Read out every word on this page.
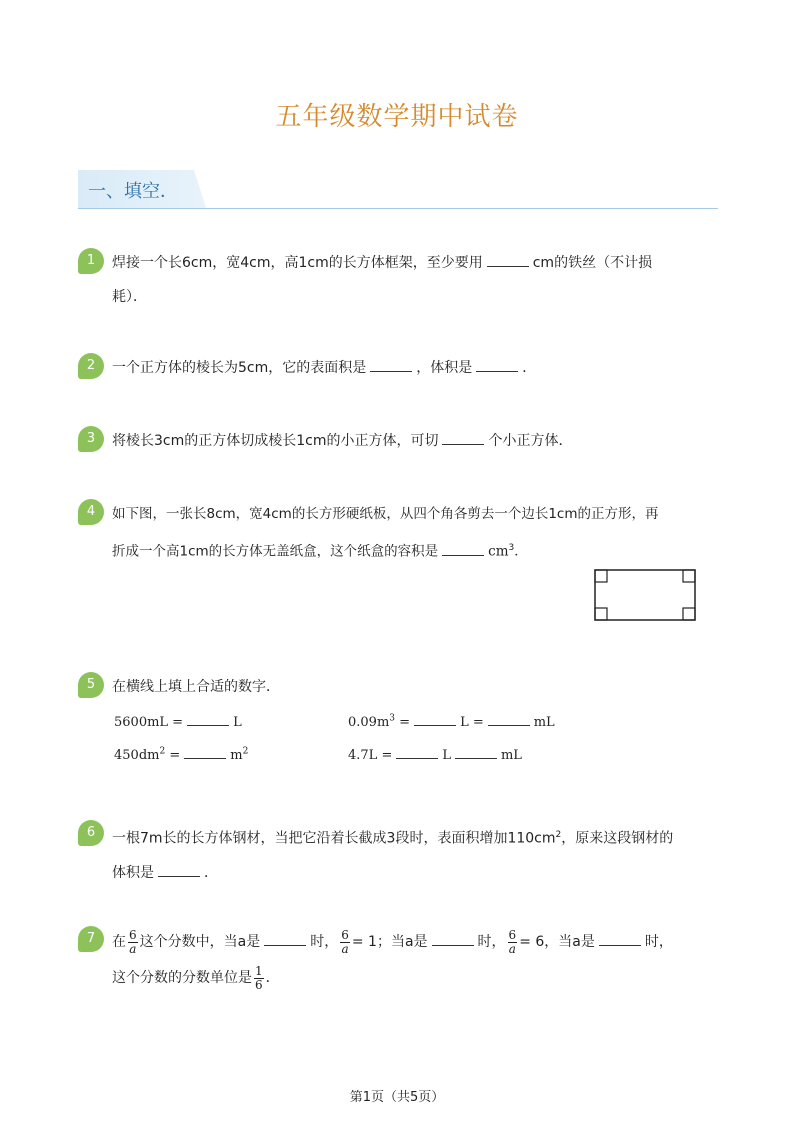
五年级数学期中试卷
一、填空．
1	焊接一个长6cm，宽4cm，高1cm的长方体框架，至少要用	cm的铁丝（不计损
耗）．
2	一个正方体的棱长为5cm，它的表面积是	，体积是	．
3	将棱长3cm的正方体切成棱长1cm的小正方体，可切	个小正方体．
4	如下图，一张长8cm，宽4cm的长方形硬纸板，从四个角各剪去一个边长1cm的正方形，再
折成一个高1cm的长方体无盖纸盒，这个纸盒的容积是	$cm^3$．
5	在横线上填上合适的数字．
5600mL =	L	$0.09m^3$ =	L =	mL
$450dm^2$ =	$m^2$	4.7L =	L	mL
6	一根7m长的长方体钢材，当把它沿着长截成3段时，表面积增加$110cm^2$，原来这段钢材的
体积是	．
7	在 $\frac{6}{a}$ 这个分数中，当a是	时， $\frac{6}{a} = 1$；当a是	时， $\frac{6}{a} = 6$，当a是	时，
这个分数的分数单位是 $\frac{1}{6}$ ．
第1页（共5页）
